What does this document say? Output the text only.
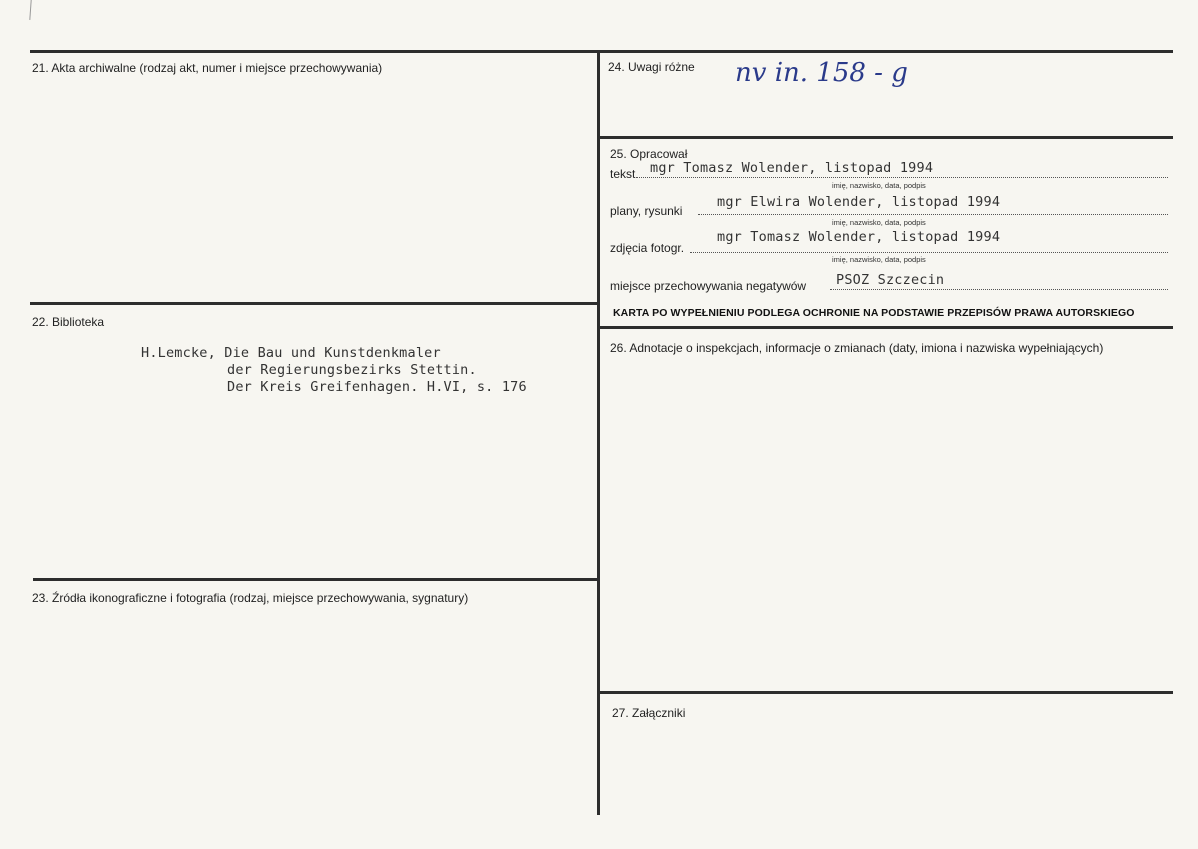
21. Akta archiwalne (rodzaj akt, numer i miejsce przechowywania)
22. Biblioteka
H.Lemcke, Die Bau und Kunstdenkmaler
der Regierungsbezirks Stettin.
Der Kreis Greifenhagen. H.VI, s. 176
23. Źródła ikonograficzne i fotografia (rodzaj, miejsce przechowywania, sygnatury)
24. Uwagi różne nv in. 158 - g
25. Opracował
tekst mgr Tomasz Wolender, listopad 1994
imię, nazwisko, data, podpis
plany, rysunki
mgr Elwira Wolender, listopad 1994
imię, nazwisko, data, podpis
zdjęcia fotogr.
mgr Tomasz Wolender, listopad 1994
imię, nazwisko, data, podpis
miejsce przechowywania negatywów PSOZ Szczecin
KARTA PO WYPEŁNIENIU PODLEGA OCHRONIE NA PODSTAWIE PRZEPISÓW PRAWA AUTORSKIEGO
26. Adnotacje o inspekcjach, informacje o zmianach (daty, imiona i nazwiska wypełniających)
27. Załączniki
